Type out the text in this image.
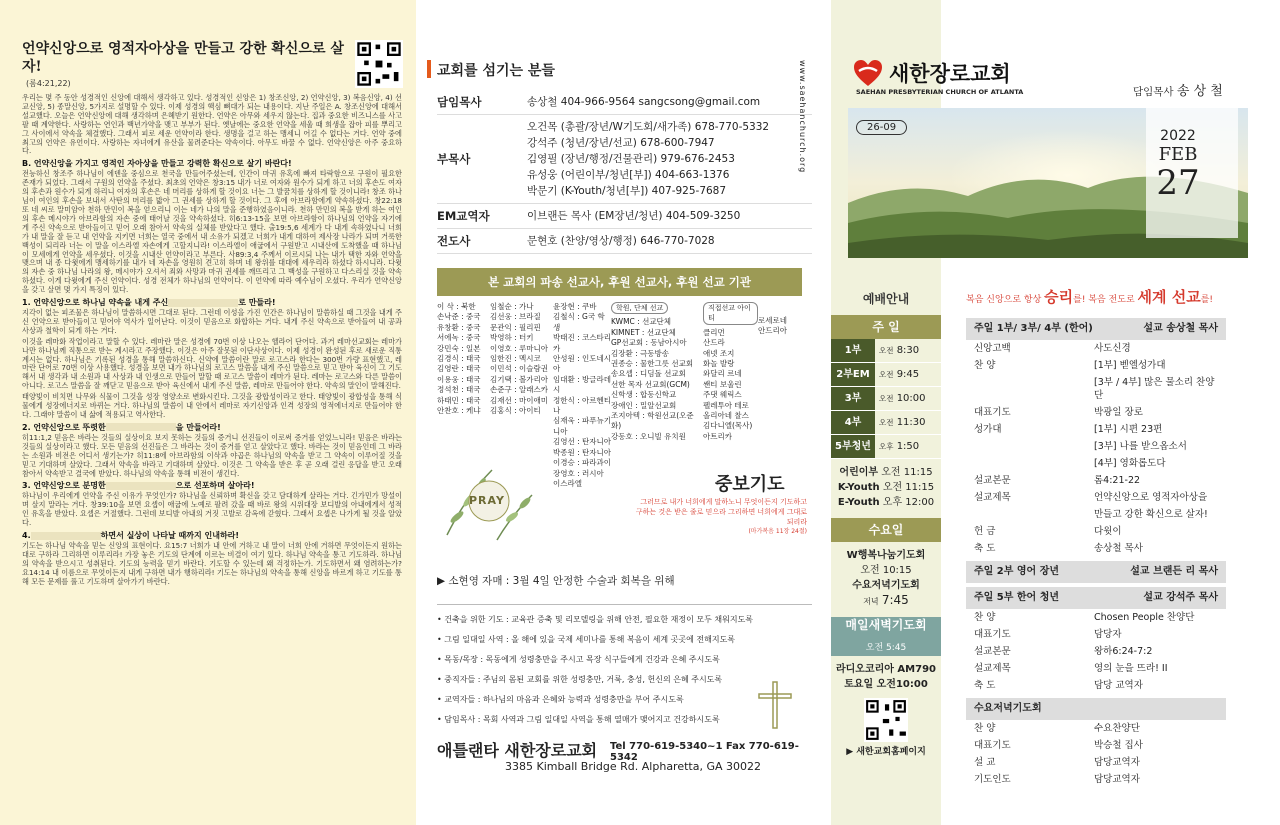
언약신앙으로 영적자아상을 만들고 강한 확신으로 살자!
(롬4:21,22)

우리는 몇 주 동안 성경적인 신앙에 대해서 생각하고 있다. 성경적인 신앙은 1) 창조신앙, 2) 언약신앙, 3) 복음신앙, 4) 선교신앙, 5) 종말신앙, 5가지로 설명할 수 있다. 이제 성경의 핵심 뼈대가 되는 내용이다. 지난 주일은 A. 창조신앙에 대해서 설교했다. 오늘은 언약신앙에 대해 생각하며 은혜받기 원한다. 언약은 아무와 세우지 않는다. 집과 중요한 비즈니스를 사고팔 때 계약한다. 사랑하는 연인과 백년가약을 맺고 부부가 된다. 옛날에는 중요한 언약을 세울 때 희생을 잡아 피를 뿌리고 그 사이에서 약속을 체결했다. 그래서 피로 세운 언약이라 한다. 생명을 걸고 하는 맹세니 어길 수 없다는 거다. 언약 중에 최고의 언약은 유언이다. 사랑하는 자녀에게 유산을 물려준다는 약속이다. 아무도 바꿀 수 없다. 언약신앙은 아주 중요하다.

B. 언약신앙을 가지고 영적인 자아상을 만들고 강력한 확신으로 살기 바란다!

전능하신 창조주 하나님이 에덴을 중심으로 천국을 만들어주셨는데, 인간이 마귀 유혹에 빠져 타락함으로 구원이 필요한 존재가 되었다. 그래서 구원의 언약을 주셨다. 최초의 언약은 창3:15 내가 너로 여자와 원수가 되게 하고 너의 후손도 여자의 후손과 원수가 되게 하리니 여자의 후손은 네 머리를 상하게 할 것이요 너는 그 발꿈치를 상하게 할 것이니라! 창조 하나님이 여인의 후손을 보내서 사탄의 머리를 밟아 그 권세를 상하게 할 것이다. 그 후에 아브라함에게 약속하셨다. 창22:18 또 네 씨로 말미암아 천하 만민이 복을 얻으리니 이는 네가 나의 말을 준행하였음이니라. 천하 만민의 복을 받게 하는 여인의 후손 메시야가 아브라함의 자손 중에 태어날 것을 약속하셨다. 히6:13-15을 보면 아브라함이 하나님의 언약을 자기에게 주신 약속으로 받아들이고 믿어 오래 참아서 약속의 실체를 받았다고 했다. 출19:5,6 세계가 다 내게 속하였나니 너희가 내 말을 잘 듣고 내 언약을 지키면 너희는 열국 중에서 내 소유가 되겠고 너희가 내게 대하여 제사장 나라가 되며 거룩한 백성이 되리라 너는 이 말을 이스라엘 자손에게 고할지니라! 이스라엘이 애굽에서 구원받고 시내산에 도착했을 때 하나님이 모세에게 언약을 세우셨다. 이것을 시내산 언약이라고 부른다. 사89:3,4 주께서 이르시되 나는 내가 택한 자와 언약을 맺으며 내 종 다윗에게 맹세하기를 내가 네 자손을 영원히 견고히 하며 네 왕위를 대대에 세우리라 하셨다 하시니라. 다윗의 자손 중 하나님 나라의 왕, 메시야가 오셔서 죄와 사망과 마귀 권세를 깨뜨리고 그 백성을 구원하고 다스리실 것을 약속하셨다. 이게 다윗에게 주신 언약이다. 성경 전체가 하나님의 언약이다. 이 언약에 따라 예수님이 오셨다. 우리가 언약신앙을 갖고 살면 몇 가지 특징이 있다.

1. 언약신앙으로 하나님 약속을 내게 주신	로 만들라!

지각이 없는 피조물은 하나님이 말씀하시면 그대로 된다. 그런데 이성을 가진 인간은 하나님이 말씀하실 때 그것을 내게 주신 언약으로 받아들이고 믿어야 역사가 일어난다. 이것이 믿음으로 화합하는 거다. 내게 주신 약속으로 받아들여 내 공과 사상과 철학이 되게 하는 거다.

이것을 레마화 작업이라고 말할 수 있다. 레마란 말은 성경에 70번 이상 나오는 헬라어 단어다. 과거 레마선교회는 레마가 나만 하나님께 직통으로 받는 계시라고 주장했다. 이것은 아주 잘못된 이단사상이다. 이제 성경이 완성된 후로 새로운 직통계시는 없다. 하나님은 기록된 성경을 통해 말씀하신다. 신약에 말씀이란 말로 로고스라 한다는 300번 가량 표현했고, 레마란 단어로 70번 이상 사용했다. 성경을 보면 내가 하나님의 로고스 말씀을 내게 주신 말씀으로 믿고 받아 육신이 그 기도해서 내 생각과 내 소원과 내 사상과 내 인생으로 만들어 말할 때 로고스 말씀이 레마가 된다. 레마는 로고스와 다른 말씀이 아니다. 로고스 말씀을 잘 깨닫고 믿음으로 받아 육신에서 내게 주신 말씀, 레마로 만들어야 한다. 약속의 말인이 말해진다.

태양빛이 비치면 나무와 식물이 그것을 성장 영양소로 변화시킨다. 그것을 광합성이라고 한다. 태양빛이 광합성을 통해 식물에게 성장에너지로 바뀌는 거다. 하나님의 말씀이 내 안에서 레마로 자기신앙과 인격 성장의 영적에너지로 만들어야 한다. 그래야 말씀이 내 삶에 적용되고 역사한다.

2. 언약신앙으로 뚜렷한	을 만들어라!

히11:1,2 믿음은 바라는 것들의 실상이요 보지 못하는 것들의 증거니 선진들이 이로써 증거를 얻었느니라! 믿음은 바라는 것들의 실상이라고 했다. 모든 믿음의 선진들은 그 바라는 것이 증거를 얻고 살았다고 했다. 바라는 것이 믿음인데 그 바라는 소원과 비전은 어디서 생기는가? 히11:8에 아브라함의 이삭과 야곱은 하나님의 약속을 받고 그 약속이 이루어질 것을 믿고 기대하며 살았다. 그래서 약속을 바라고 기대하며 살았다. 이것은 그 약속을 받은 후 곧 오래 걸린 응답을 받고 오래 참아서 약속받고 결국에 받았다. 하나님의 약속을 통해 비전이 생긴다.

3. 언약신앙으로 분명한	으로 선포하며 살아라!

하나님이 우리에게 언약을 주신 이유가 무엇인가? 하나님을 신뢰하며 확신을 갖고 담대하게 살라는 거다. 긴가민가 망설이며 살지 말라는 거다. 창39:10을 보면 요셉이 애굽에 노예로 팔려 갔을 때 바로 왕의 시위대장 보디발의 아내에게서 성적인 유혹을 받았다. 요셉은 거절했다. 그런데 보디발 아내의 거짓 고발로 감옥에 갇혔다. 그래서 요셉은 나가게 될 것을 알았다.

4.	하면서 실상이 나타날 때까지 인내하라!

기도는 하나님 약속을 믿는 신앙의 표현이다. 요15:7 너희가 내 안에 거하고 내 말이 너희 안에 거하면 무엇이든지 원하는 대로 구하라 그리하면 이루리라! 가장 놓은 기도의 단계에 이르는 비결이 여기 있다. 하나님 약속을 통고 기도하라. 하나님의 약속을 받으시고 성취된다. 기도의 능력을 믿기 바란다. 기도할 수 있는데 왜 걱정하는가. 기도하면서 왜 염려하는가? 요14:14 내 이름으로 무엇이든지 내게 구하면 내가 행하리라! 기도는 하나님의 약속을 통해 신앙을 바르게 하고 기도를 통해 모든 문제를 풀고 기도하며 살아가기 바란다.

교회를 섬기는 분들
담임목사	송상철 404-966-9564 sangcsong@gmail.com
부목사
오건목 (총괄/장년/W기도회/새가족) 678-770-5332
강석주 (청년/장년/선교) 678-600-7947
김영필 (장년/행정/건물관리) 979-676-2453
유성웅 (어린이부/청년[부]) 404-663-1376
박문기 (K-Youth/청년[부]) 407-925-7687
EM교역자	이브랜든 목사 (EM장년/청년) 404-509-3250
전도사	문현호 (찬양/영상/행정) 646-770-7028
본 교회의 파송 선교사, 후원 선교사, 후원 선교 기관
이 삭 : 북한
손낙준 : 중국
유창환 : 중국
서에녹 : 중국
강민숙 : 일본
김경식 : 태국
김영란 : 태국
이용웅 : 태국
정석천 : 태국
하태민 : 태국
안찬호 : 케냐
임철순 : 가나
김선웅 : 브라질
문관익 : 필리핀
박영하 : 터키
이영호 : 루마니아
임한진 : 멕시코
이민석 : 이슬람권
김기택 : 볼가리아
손준구 : 알래스카
김재선 : 마이애미
김홍식 : 아이티
윤장현 : 쿠바
김철식 : G국 학생
박태진 : 코스타리카
안성원 : 인도네시아
임대환 : 방글라데시
정한식 : 아르헨티나
심재욱 : 파푸뉴기니아
김영선 : 탄자니아
박종원 : 탄자니아
이경승 : 파라과이
장영호 : 러시아
이스라엘
학원, 단체 선교
KWMC : 선교단체
KIMNET : 선교단체
GP선교회 : 동남아시아
김장환 : 극동방송
권종승 : 물한그릇 선교회
송요셉 : 디딤돌 선교회
선한 목자 선교회(GCM)
신학생 : 합동신학교
장애인 : 밀알선교회
조지아텍 : 학원선교(오준화)
강동호 : 오니빌 유치원
직접선교 아이티
클리먼
산드라
애넷 조지
화놀 발랑
와달리 르네
쌘티 보울린
주댓 웨릭스
펠레투아 테로
올리아네 찰스
김다니엘(목사)
아트리카
로세로네
안드리아
PRAY
중보기도
그러므로 내가 너희에게 말하노니 무엇이든지 기도하고 구하는 것은 받은 줄로 믿으라 그리하면 너희에게 그대로 되리라
(마가복음 11장 24절)
▶ 소현영 자매 : 3월 4일 안정한 수술과 회복을 위해
• 건축을 위한 기도 : 교육관 증축 및 리모델링을 위해 안전, 필요한 재정이 모두 채워지도록
• 그림 일대일 사역 : 올 해에 있을 국제 세미나를 통해 복음이 세계 곳곳에 전해지도록
• 목동/목장 : 목동에게 성령충만을 주시고 목장 식구들에게 건강과 은혜 주시도록
• 중직자들 : 주님의 몸된 교회를 위한 성령충만, 거룩, 충성, 헌신의 은혜 주시도록
• 교역자들 : 하나님의 마음과 은혜와 능력과 성령충만을 부어 주시도록
• 담임목사 : 목회 사역과 그림 일대일 사역을 통해 열매가 맺어지고 건강하시도록
애틀랜타 새한장로교회 Tel 770-619-5340~1 Fax 770-619-5342
3385 Kimball Bridge Rd. Alpharetta, GA 30022
www.saehanchurch.org
예배안내
주 일
1부	오전 8:30
2부EM	오전 9:45
3부	오전 10:00
4부	오전 11:30
5부청년	오후 1:50
어린이부 오전 11:15
K-Youth 오전 11:15
E-Youth 오후 12:00
수요일
W행복나눔기도회
오전 10:15
수요저녁기도회
저녁 7:45
매일새벽기도회
오전 5:45
라디오코리아 AM790
토요일 오전10:00
▶ 새한교회홈페이지
새한장로교회
SAEHAN PRESBYTERIAN CHURCH OF ATLANTA	담임목사 송 상 철
26-09
2022
FEB
27
복음 신앙으로 항상 승리를! 복음 전도로 세계 선교를!
주일 1부/ 3부/ 4부 (한어)	설교 송상철 목사
신앙고백	사도신경
찬 양	[1부] 벧엘성가대
[3부 / 4부] 많은 물소리 찬양단
대표기도	박광일 장로
성가대	[1부] 시편 23편
[3부] 나를 받으옵소서
[4부] 영화롭도다
설교본문	롬4:21-22
설교제목	언약신앙으로 영적자아상을
만들고 강한 확신으로 살자!
헌 금	다윗이
축 도	송상철 목사
주일 2부 영어 장년	설교 브랜든 리 목사
주일 5부 한어 청년	설교 강석주 목사
찬 양	Chosen People 찬양단
대표기도	담당자
설교본문	왕하6:24-7:2
설교제목	영의 눈을 뜨라! II
축 도	담당 교역자
수요저녁기도회
찬 양	수요찬양단
대표기도	박승철 집사
설 교	담당교역자
기도인도	담당교역자
